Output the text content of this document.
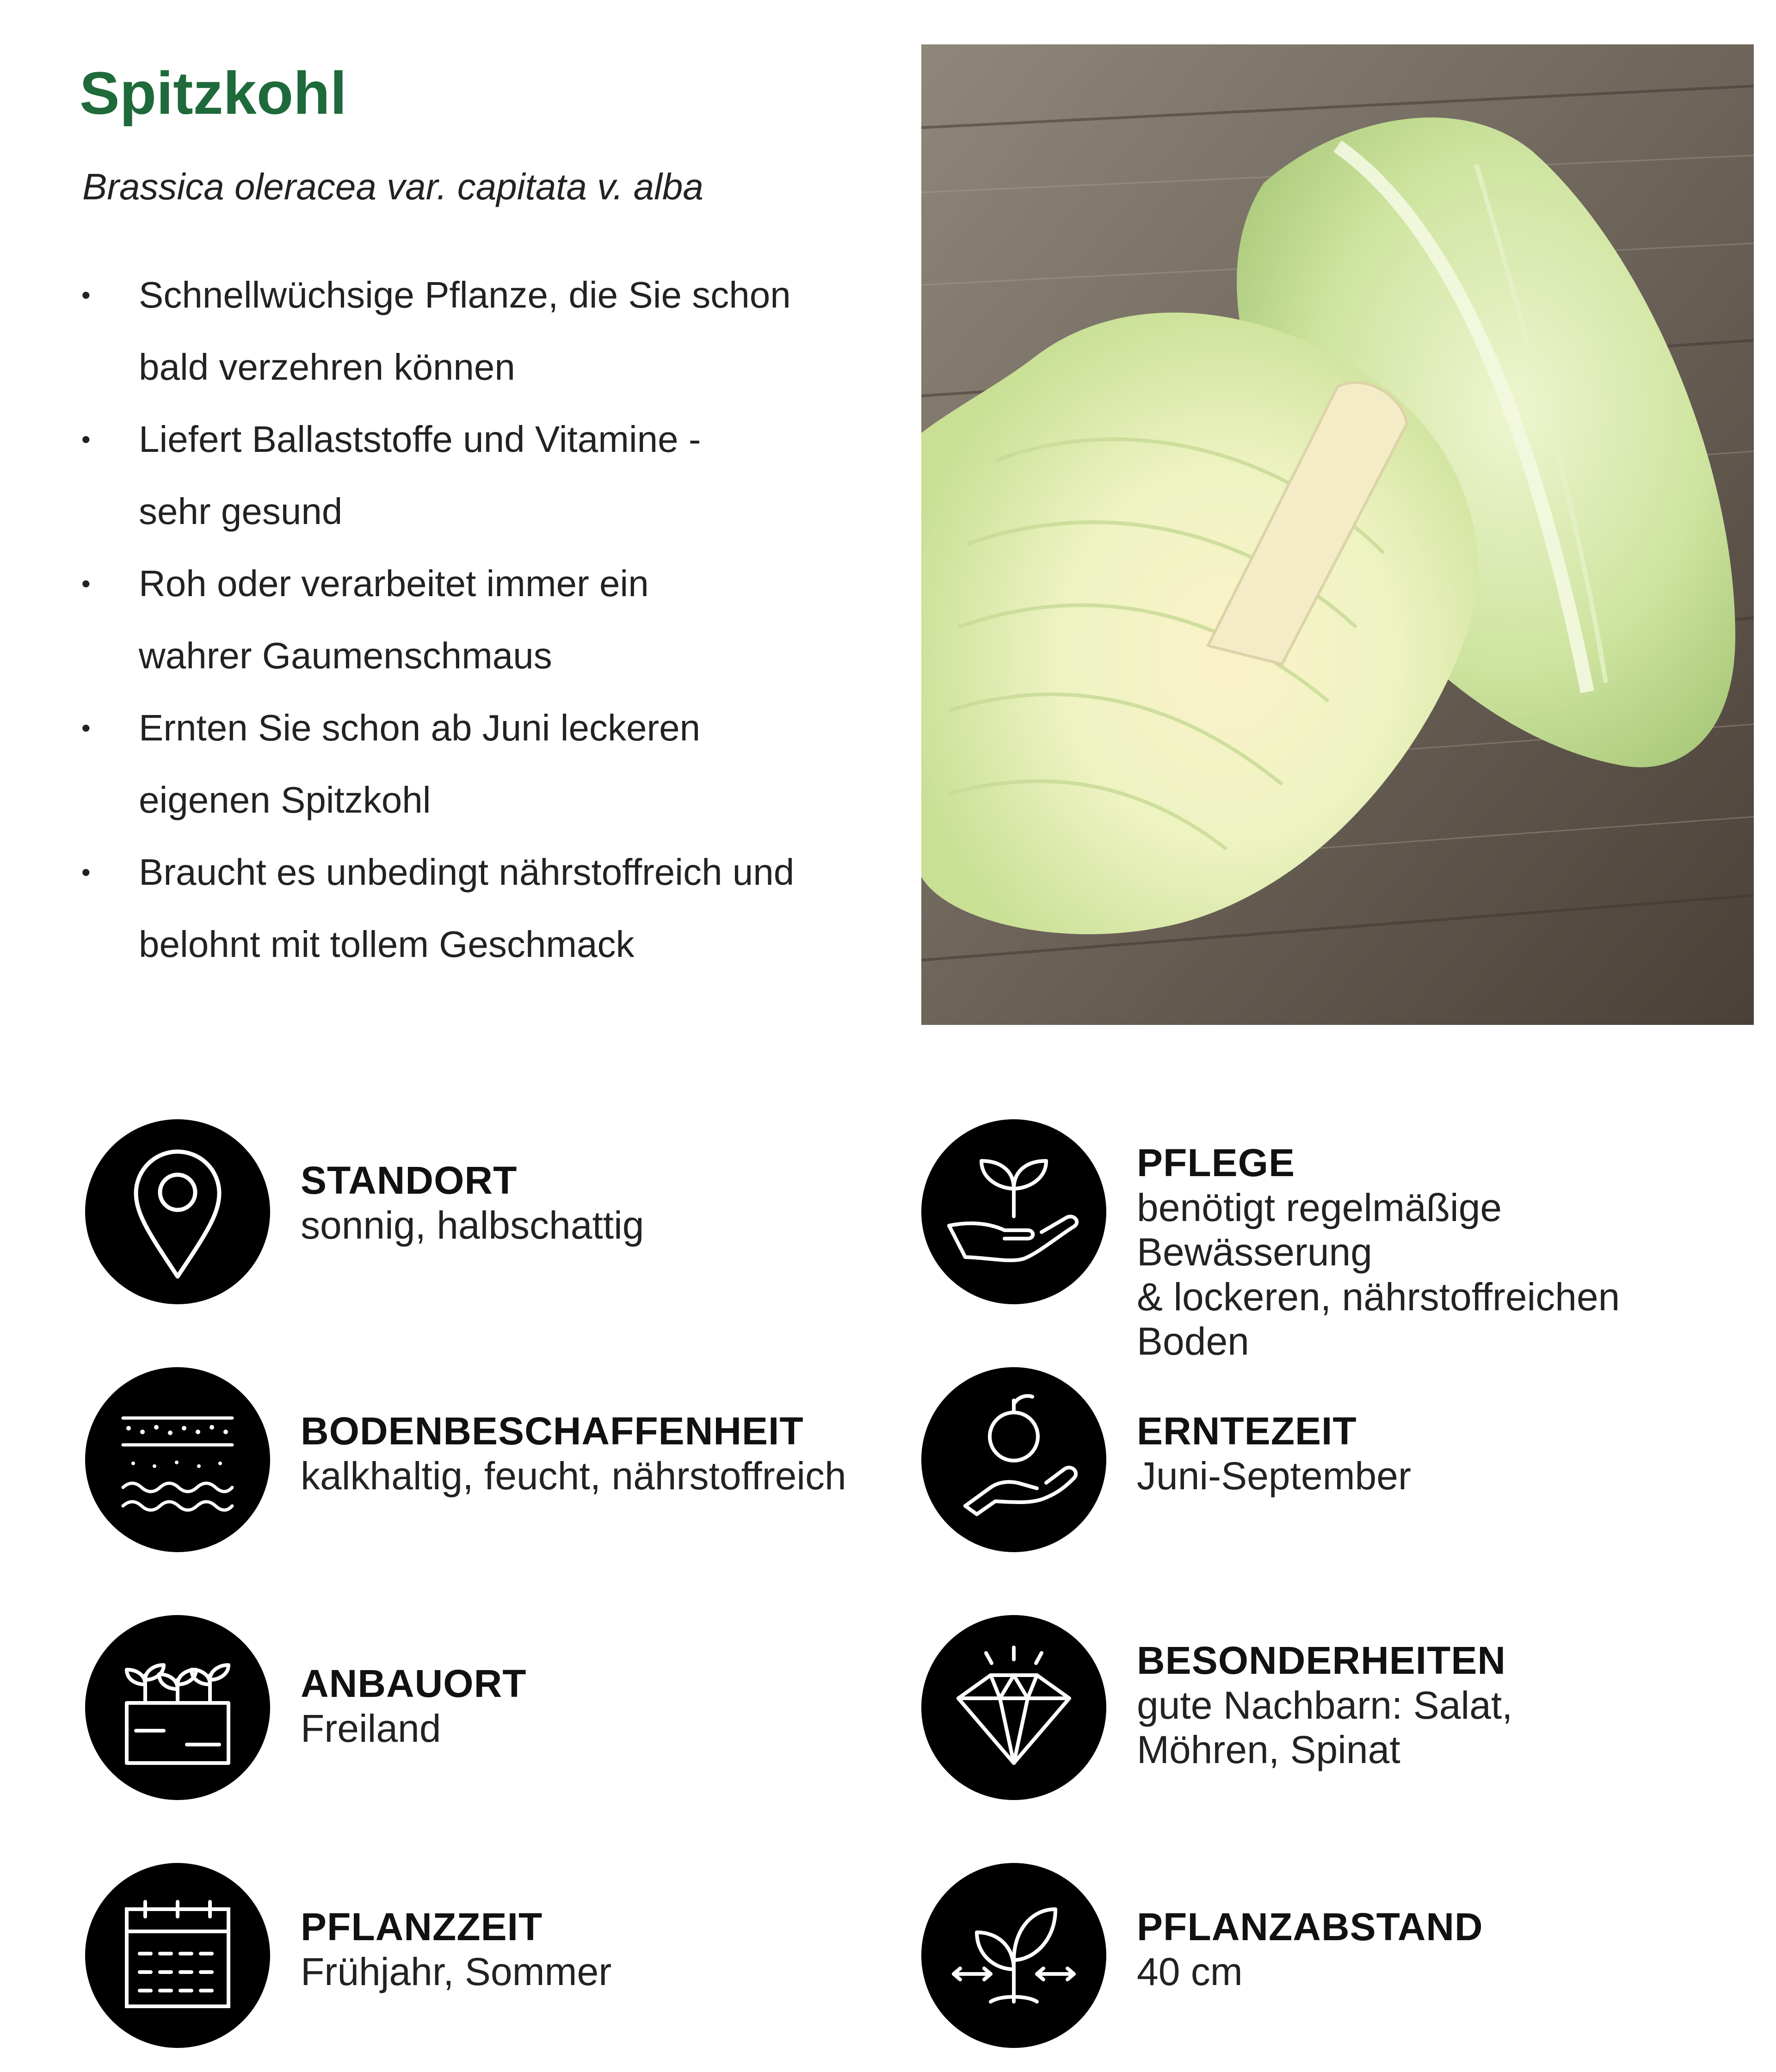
Spitzkohl
Brassica oleracea var. capitata v. alba
• Schnellwüchsige Pflanze, die Sie schon
bald verzehren können
• Liefert Ballaststoffe und Vitamine -
sehr gesund
• Roh oder verarbeitet immer ein
wahrer Gaumenschmaus
• Ernten Sie schon ab Juni leckeren
eigenen Spitzkohl
• Braucht es unbedingt nährstoffreich und
belohnt mit tollem Geschmack
STANDORT
sonnig, halbschattig
PFLEGE
benötigt regelmäßige Bewässerung
& lockeren, nährstoffreichen Boden
BODENBESCHAFFENHEIT
kalkhaltig, feucht, nährstoffreich
ERNTEZEIT
Juni-September
ANBAUORT
Freiland
BESONDERHEITEN
gute Nachbarn: Salat,
Möhren, Spinat
PFLANZZEIT
Frühjahr, Sommer
PFLANZABSTAND
40 cm
